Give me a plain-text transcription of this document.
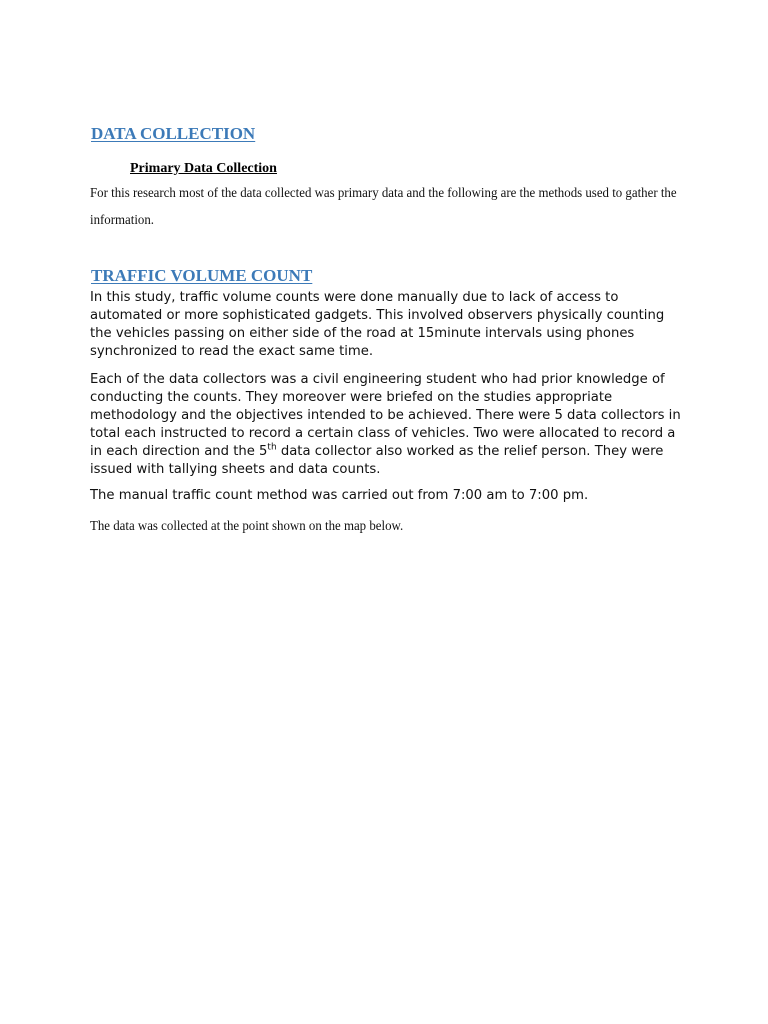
DATA COLLECTION
Primary Data Collection

For this research most of the data collected was primary data and the following are the methods used to gather the information.

TRAFFIC VOLUME COUNT

In this study, traffic volume counts were done manually due to lack of access to automated or more sophisticated gadgets. This involved observers physically counting the vehicles passing on either side of the road at 15minute intervals using phones synchronized to read the exact same time.

Each of the data collectors was a civil engineering student who had prior knowledge of conducting the counts. They moreover were briefed on the studies appropriate methodology and the objectives intended to be achieved. There were 5 data collectors in total each instructed to record a certain class of vehicles. Two were allocated to record a in each direction and the 5th data collector also worked as the relief person. They were issued with tallying sheets and data counts.

The manual traffic count method was carried out from 7:00 am to 7:00 pm.

The data was collected at the point shown on the map below.
